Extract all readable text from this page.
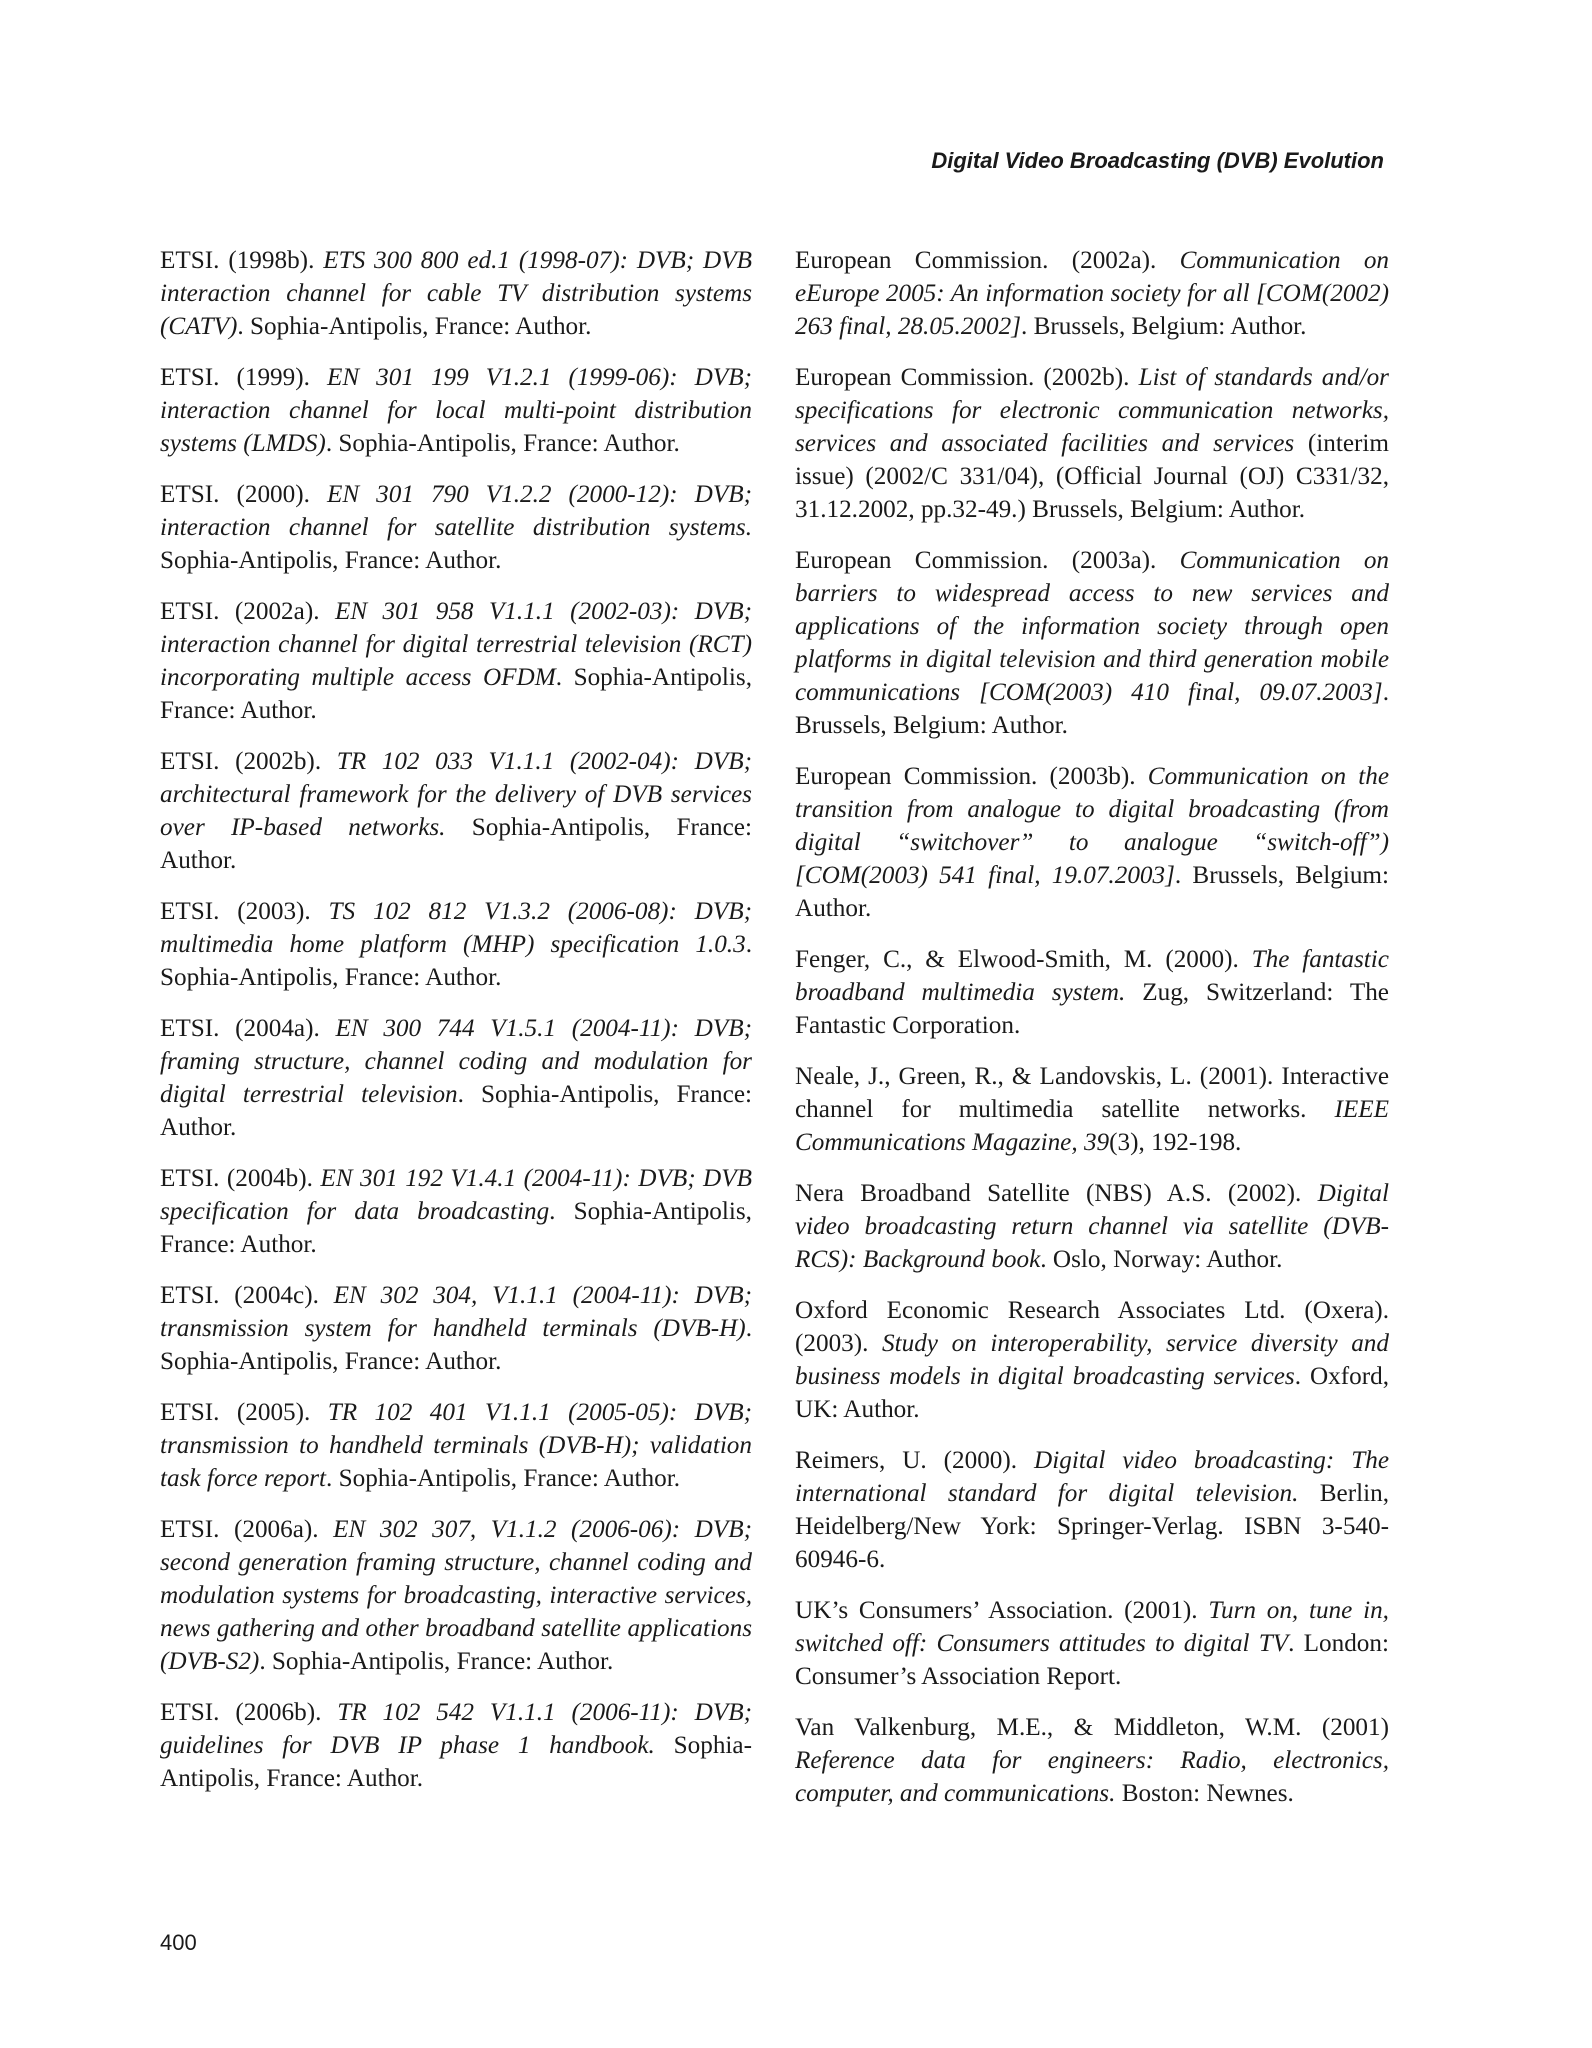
Digital Video Broadcasting (DVB) Evolution

ETSI. (1998b). ETS 300 800 ed.1 (1998-07): DVB; DVB interaction channel for cable TV distribution systems (CATV). Sophia-Antipolis, France: Author.

ETSI. (1999). EN 301 199 V1.2.1 (1999-06): DVB; interaction channel for local multi-point distribution systems (LMDS). Sophia-Antipolis, France: Author.

ETSI. (2000). EN 301 790 V1.2.2 (2000-12): DVB; interaction channel for satellite distribution systems. Sophia-Antipolis, France: Author.

ETSI. (2002a). EN 301 958 V1.1.1 (2002-03): DVB; interaction channel for digital terrestrial television (RCT) incorporating multiple access OFDM. Sophia-Antipolis, France: Author.

ETSI. (2002b). TR 102 033 V1.1.1 (2002-04): DVB; architectural framework for the delivery of DVB services over IP-based networks. Sophia-Antipolis, France: Author.

ETSI. (2003). TS 102 812 V1.3.2 (2006-08): DVB; multimedia home platform (MHP) specification 1.0.3. Sophia-Antipolis, France: Author.

ETSI. (2004a). EN 300 744 V1.5.1 (2004-11): DVB; framing structure, channel coding and modulation for digital terrestrial television. Sophia-Antipolis, France: Author.

ETSI. (2004b). EN 301 192 V1.4.1 (2004-11): DVB; DVB specification for data broadcasting. Sophia-Antipolis, France: Author.

ETSI. (2004c). EN 302 304, V1.1.1 (2004-11): DVB; transmission system for handheld terminals (DVB-H). Sophia-Antipolis, France: Author.

ETSI. (2005). TR 102 401 V1.1.1 (2005-05): DVB; transmission to handheld terminals (DVB-H); validation task force report. Sophia-Antipolis, France: Author.

ETSI. (2006a). EN 302 307, V1.1.2 (2006-06): DVB; second generation framing structure, channel coding and modulation systems for broadcasting, interactive services, news gathering and other broadband satellite applications (DVB-S2). Sophia-Antipolis, France: Author.

ETSI. (2006b). TR 102 542 V1.1.1 (2006-11): DVB; guidelines for DVB IP phase 1 handbook. Sophia-Antipolis, France: Author.

European Commission. (2002a). Communication on eEurope 2005: An information society for all [COM(2002) 263 final, 28.05.2002]. Brussels, Belgium: Author.

European Commission. (2002b). List of standards and/or specifications for electronic communication networks, services and associated facilities and services (interim issue) (2002/C 331/04), (Official Journal (OJ) C331/32, 31.12.2002, pp.32-49.) Brussels, Belgium: Author.

European Commission. (2003a). Communication on barriers to widespread access to new services and applications of the information society through open platforms in digital television and third generation mobile communications [COM(2003) 410 final, 09.07.2003]. Brussels, Belgium: Author.

European Commission. (2003b). Communication on the transition from analogue to digital broadcasting (from digital “switchover” to analogue “switch-off”) [COM(2003) 541 final, 19.07.2003]. Brussels, Belgium: Author.

Fenger, C., & Elwood-Smith, M. (2000). The fantastic broadband multimedia system. Zug, Switzerland: The Fantastic Corporation.

Neale, J., Green, R., & Landovskis, L. (2001). Interactive channel for multimedia satellite networks. IEEE Communications Magazine, 39(3), 192-198.

Nera Broadband Satellite (NBS) A.S. (2002). Digital video broadcasting return channel via satellite (DVB-RCS): Background book. Oslo, Norway: Author.

Oxford Economic Research Associates Ltd. (Oxera). (2003). Study on interoperability, service diversity and business models in digital broadcasting services. Oxford, UK: Author.

Reimers, U. (2000). Digital video broadcasting: The international standard for digital television. Berlin, Heidelberg/New York: Springer-Verlag. ISBN 3-540-60946-6.

UK’s Consumers’ Association. (2001). Turn on, tune in, switched off: Consumers attitudes to digital TV. London: Consumer’s Association Report.

Van Valkenburg, M.E., & Middleton, W.M. (2001) Reference data for engineers: Radio, electronics, computer, and communications. Boston: Newnes.

400
